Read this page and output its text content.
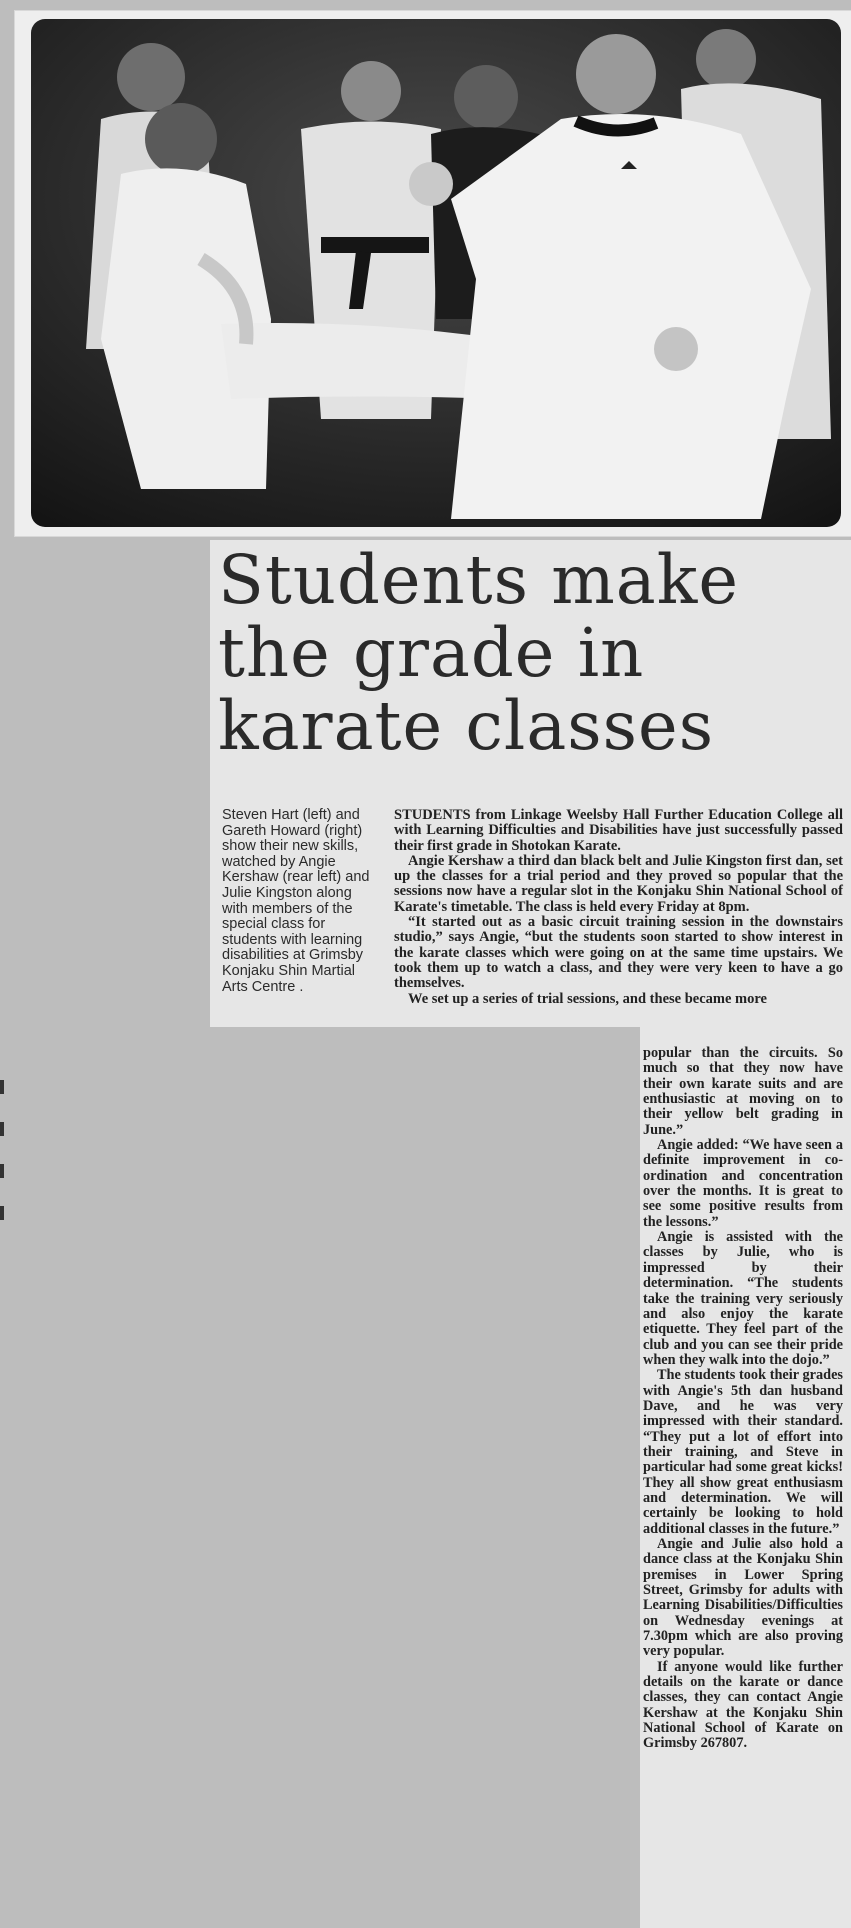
Students make the grade in karate classes
Steven Hart (left) and Gareth Howard (right) show their new skills, watched by Angie Kershaw (rear left) and Julie Kingston along with members of the special class for students with learning disabilities at Grimsby Konjaku Shin Martial Arts Centre .

STUDENTS from Linkage Weelsby Hall Further Education College all with Learning Difficulties and Disabilities have just successfully passed their first grade in Shotokan Karate.

Angie Kershaw a third dan black belt and Julie Kingston first dan, set up the classes for a trial period and they proved so popular that the sessions now have a regular slot in the Konjaku Shin National School of Karate's timetable. The class is held every Friday at 8pm.

“It started out as a basic circuit training session in the downstairs studio,” says Angie, “but the students soon started to show interest in the karate classes which were going on at the same time upstairs. We took them up to watch a class, and they were very keen to have a go themselves.

We set up a series of trial sessions, and these became more

popular than the circuits. So much so that they now have their own karate suits and are enthusiastic at moving on to their yellow belt grading in June.”

Angie added: “We have seen a definite improvement in co-ordination and concentration over the months. It is great to see some positive results from the lessons.”

Angie is assisted with the classes by Julie, who is impressed by their determination. “The students take the training very seriously and also enjoy the karate etiquette. They feel part of the club and you can see their pride when they walk into the dojo.”

The students took their grades with Angie's 5th dan husband Dave, and he was very impressed with their standard. “They put a lot of effort into their training, and Steve in particular had some great kicks! They all show great enthusiasm and determination. We will certainly be looking to hold additional classes in the future.”

Angie and Julie also hold a dance class at the Konjaku Shin premises in Lower Spring Street, Grimsby for adults with Learning Disabilities/Difficulties on Wednesday evenings at 7.30pm which are also proving very popular.

If anyone would like further details on the karate or dance classes, they can contact Angie Kershaw at the Konjaku Shin National School of Karate on Grimsby 267807.
